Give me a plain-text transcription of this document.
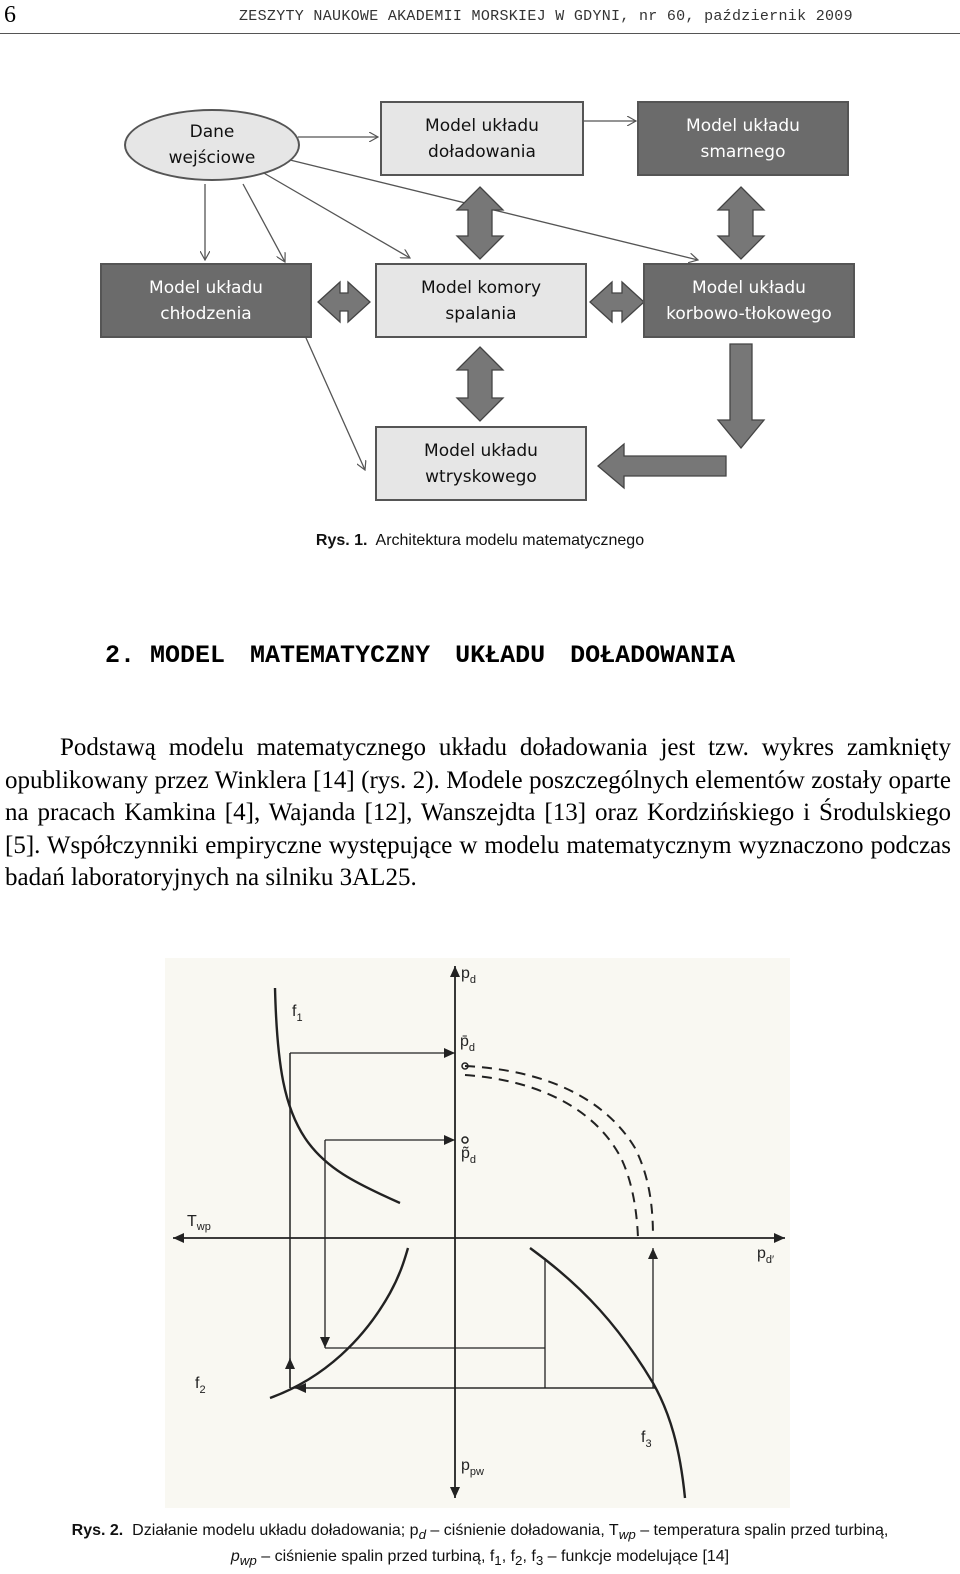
6	ZESZYTY NAUKOWE AKADEMII MORSKIEJ W GDYNI, nr 60, październik 2009
Dane
wejściowe
Model układu
doładowania
Model układu
smarnego
Model układu
chłodzenia
Model komory
spalania
Model układu
korbowo-tłokowego
Model układu
wtryskowego
Rys. 1. Architektura modelu matematycznego
2. MODEL MATEMATYCZNY UKŁADU DOŁADOWANIA

Podstawą modelu matematycznego układu doładowania jest tzw. wykres zamknięty opublikowany przez Winklera [14] (rys. 2). Modele poszczególnych elementów zostały oparte na pracach Kamkina [4], Wajanda [12], Wanszejdta [13] oraz Kordzińskiego i Środulskiego [5]. Współczynniki empiryczne występujące w modelu matematycznym wyznaczono podczas badań laboratoryjnych na silniku 3AL25.

$p_d$
$p̄_d$
$p̃_d$
$T_{wp}$
$p_{d'}$
$p_{pw}$
$f_1$
$f_2$
$f_3$
Rys. 2. Działanie modelu układu doładowania; $p_d$ – ciśnienie doładowania, $T_{wp}$ – temperatura spalin przed turbiną,
$p_{wp}$ – ciśnienie spalin przed turbiną, $f_1$, $f_2$, $f_3$ – funkcje modelujące [14]
